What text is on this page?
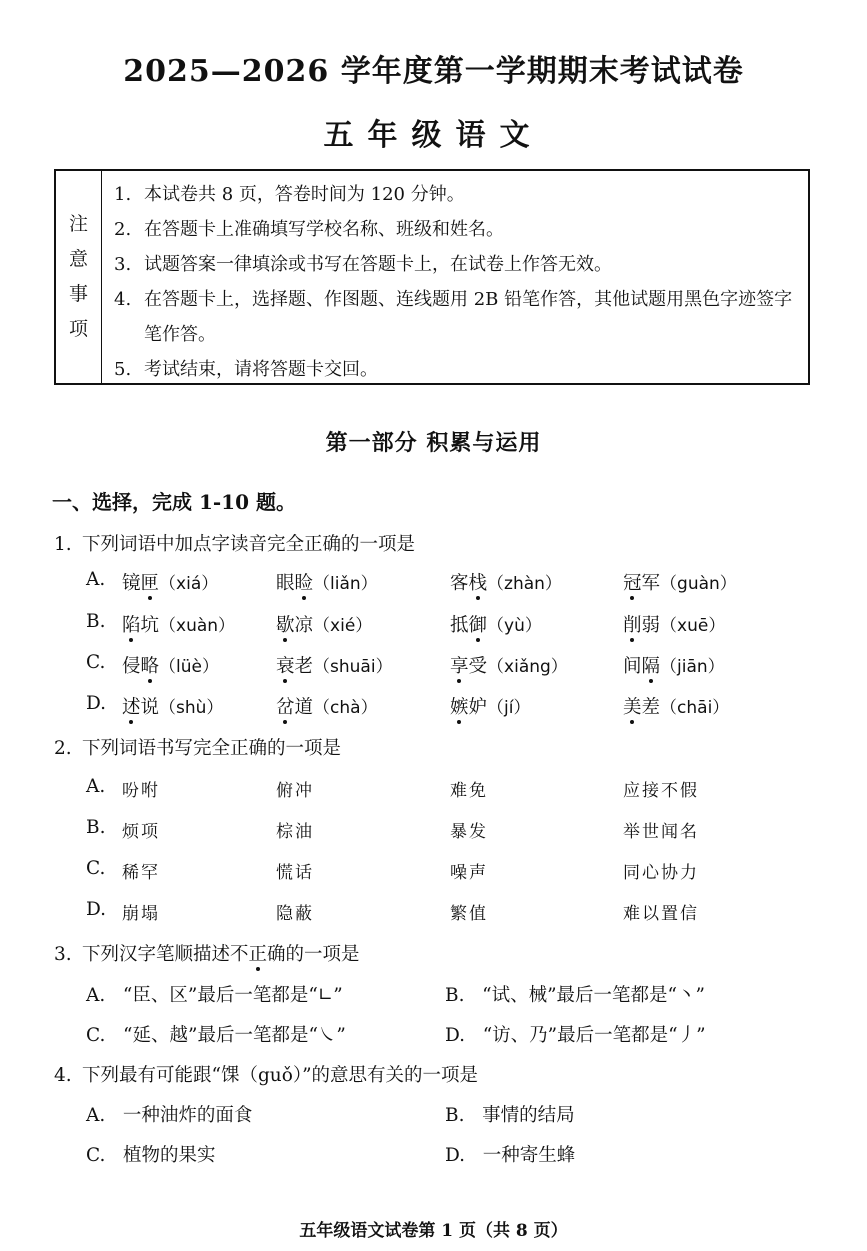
2025—2026 学年度第一学期期末考试试卷
五年级语文
注
意
事
项
1. 本试卷共 8 页，答卷时间为 120 分钟。
2. 在答题卡上准确填写学校名称、班级和姓名。
3. 试题答案一律填涂或书写在答题卡上，在试卷上作答无效。
4. 在答题卡上，选择题、作图题、连线题用 2B 铅笔作答，其他试题用黑色字迹签字笔作答。
5. 考试结束，请将答题卡交回。
第一部分 积累与运用
一、选择，完成 1-10 题。
1. 下列词语中加点字读音完全正确的一项是
A. 镜匣（xiá）	眼睑（liǎn）	客栈（zhàn）	冠军（guàn）
B. 陷坑（xuàn） 歇凉（xié）	抵御（yù）	削弱（xuē）
C. 侵略（lüè）	衰老（shuāi）	享受（xiǎng）	间隔（jiān）
D. 述说（shù）	岔道（chà）	嫉妒（jí）	美差（chāi）
2. 下列词语书写完全正确的一项是
A. 吩咐	俯冲	难免	应接不假
B. 烦项	棕油	暴发	举世闻名
C. 稀罕	慌话	噪声	同心协力
D. 崩塌	隐蔽	繁值	难以置信
3. 下列汉字笔顺描述不正确的一项是
A. “臣、区”最后一笔都是“∟”	B. “试、械”最后一笔都是“丶”
C. “延、越”最后一笔都是“㇏”	D. “访、乃”最后一笔都是“丿”
4. 下列最有可能跟“馃（guǒ）”的意思有关的一项是
A. 一种油炸的面食	B. 事情的结局
C. 植物的果实	D. 一种寄生蜂
五年级语文试卷第 1 页（共 8 页）
